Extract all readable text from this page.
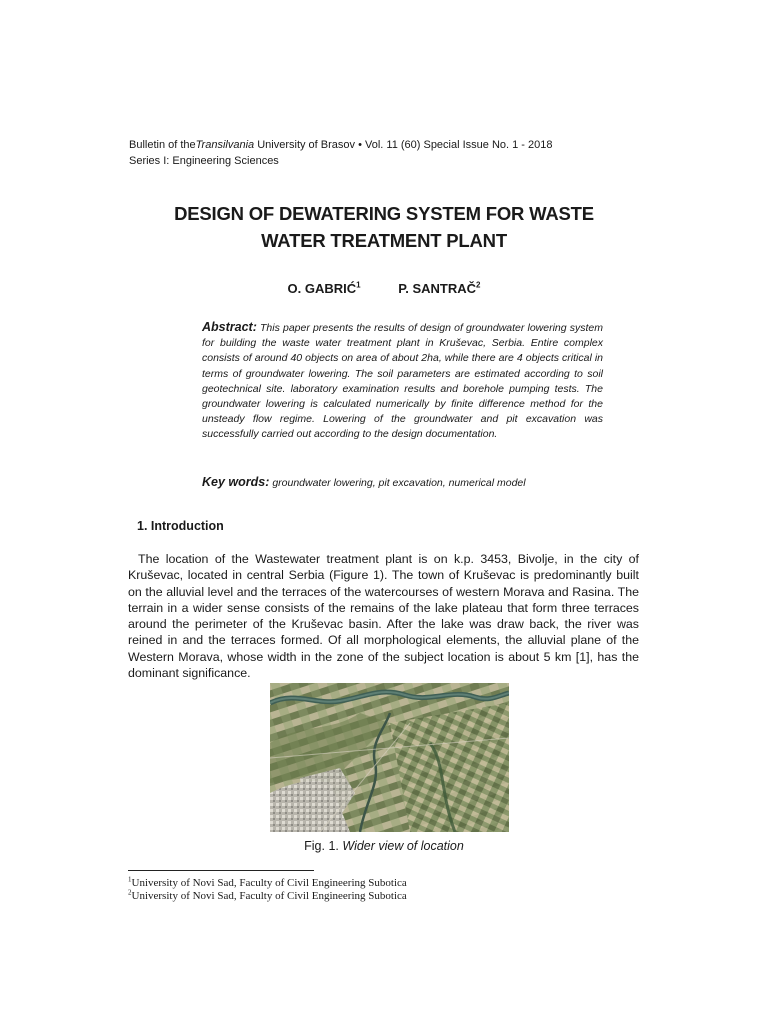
Bulletin of theTransilvania University of Brasov • Vol. 11 (60) Special Issue No. 1 - 2018
Series I: Engineering Sciences
DESIGN OF DEWATERING SYSTEM FOR WASTE
WATER TREATMENT PLANT
O. GABRIĆ$^1$	P. SANTRAČ$^2$
Abstract: This paper presents the results of design of groundwater lowering system for building the waste water treatment plant in Kruševac, Serbia. Entire complex consists of around 40 objects on area of about 2ha, while there are 4 objects critical in terms of groundwater lowering. The soil parameters are estimated according to soil geotechnical site. laboratory examination results and borehole pumping tests. The groundwater lowering is calculated numerically by finite difference method for the unsteady flow regime. Lowering of the groundwater and pit excavation was successfully carried out according to the design documentation.
Key words: groundwater lowering, pit excavation, numerical model
1. Introduction

The location of the Wastewater treatment plant is on k.p. 3453, Bivolje, in the city of Kruševac, located in central Serbia (Figure 1). The town of Kruševac is predominantly built on the alluvial level and the terraces of the watercourses of western Morava and Rasina. The terrain in a wider sense consists of the remains of the lake plateau that form three terraces around the perimeter of the Kruševac basin. After the lake was draw back, the river was reined in and the terraces formed. Of all morphological elements, the alluvial plane of the Western Morava, whose width in the zone of the subject location is about 5 km [1], has the dominant significance.

Fig. 1. Wider view of location
$^1$University of Novi Sad, Faculty of Civil Engineering Subotica
$^2$University of Novi Sad, Faculty of Civil Engineering Subotica
